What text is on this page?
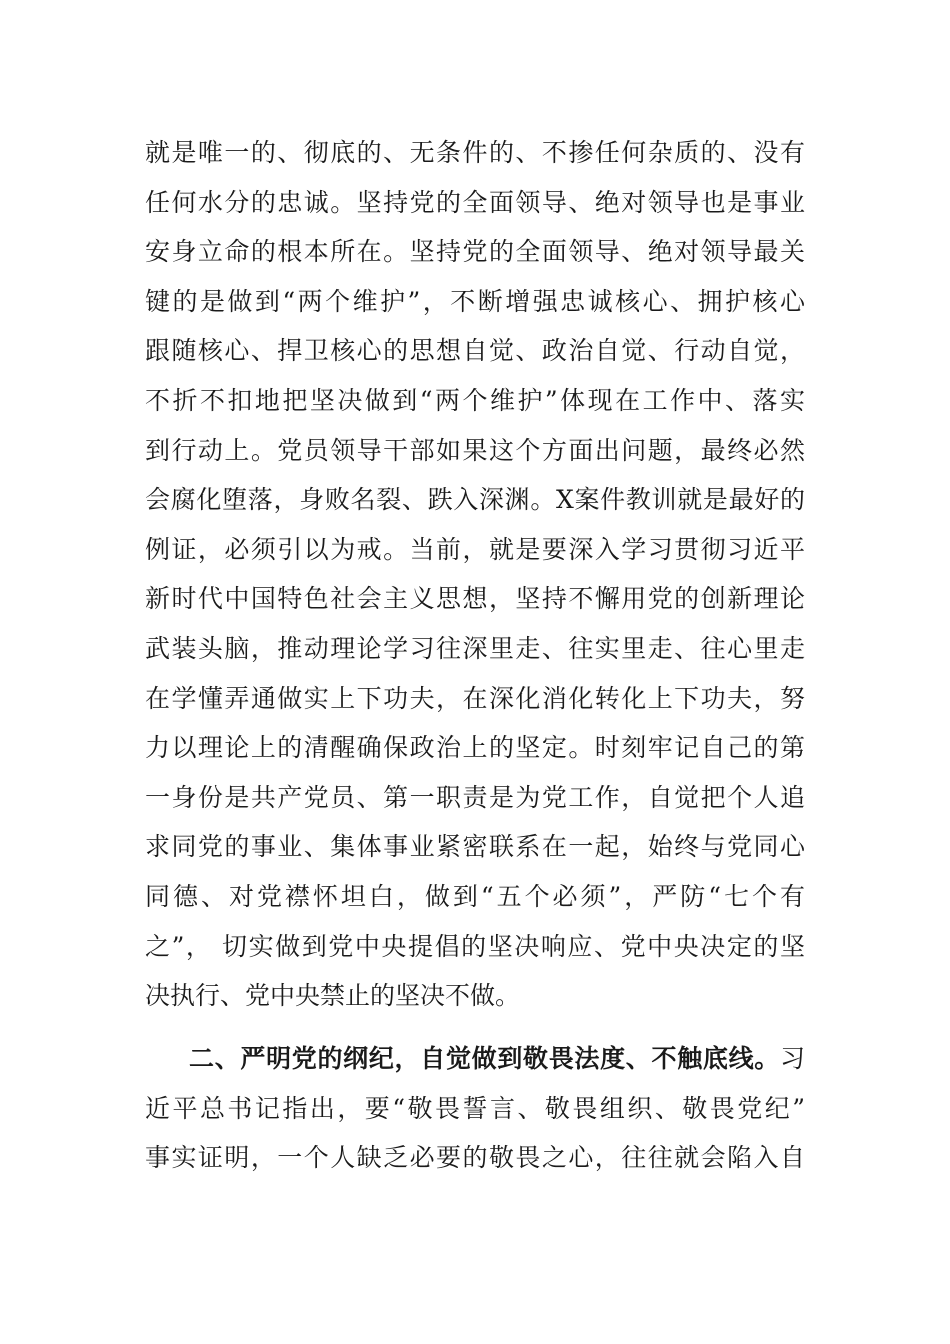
就是唯一的、彻底的、无条件的、不掺任何杂质的、没有
任何水分的忠诚。坚持党的全面领导、绝对领导也是事业
安身立命的根本所在。坚持党的全面领导、绝对领导最关
键的是做到“两个维护”，不断增强忠诚核心、拥护核心
跟随核心、捍卫核心的思想自觉、政治自觉、行动自觉，
不折不扣地把坚决做到“两个维护”体现在工作中、落实
到行动上。党员领导干部如果这个方面出问题，最终必然
会腐化堕落，身败名裂、跌入深渊。X案件教训就是最好的
例证，必须引以为戒。当前，就是要深入学习贯彻习近平
新时代中国特色社会主义思想，坚持不懈用党的创新理论
武装头脑，推动理论学习往深里走、往实里走、往心里走
在学懂弄通做实上下功夫，在深化消化转化上下功夫，努
力以理论上的清醒确保政治上的坚定。时刻牢记自己的第
一身份是共产党员、第一职责是为党工作，自觉把个人追
求同党的事业、集体事业紧密联系在一起，始终与党同心
同德、对党襟怀坦白，做到“五个必须”，严防“七个有
之”， 切实做到党中央提倡的坚决响应、党中央决定的坚
决执行、党中央禁止的坚决不做。
二、严明党的纲纪，自觉做到敬畏法度、不触底线。习
近平总书记指出，要“敬畏誓言、敬畏组织、敬畏党纪”
事实证明，一个人缺乏必要的敬畏之心，往往就会陷入自
